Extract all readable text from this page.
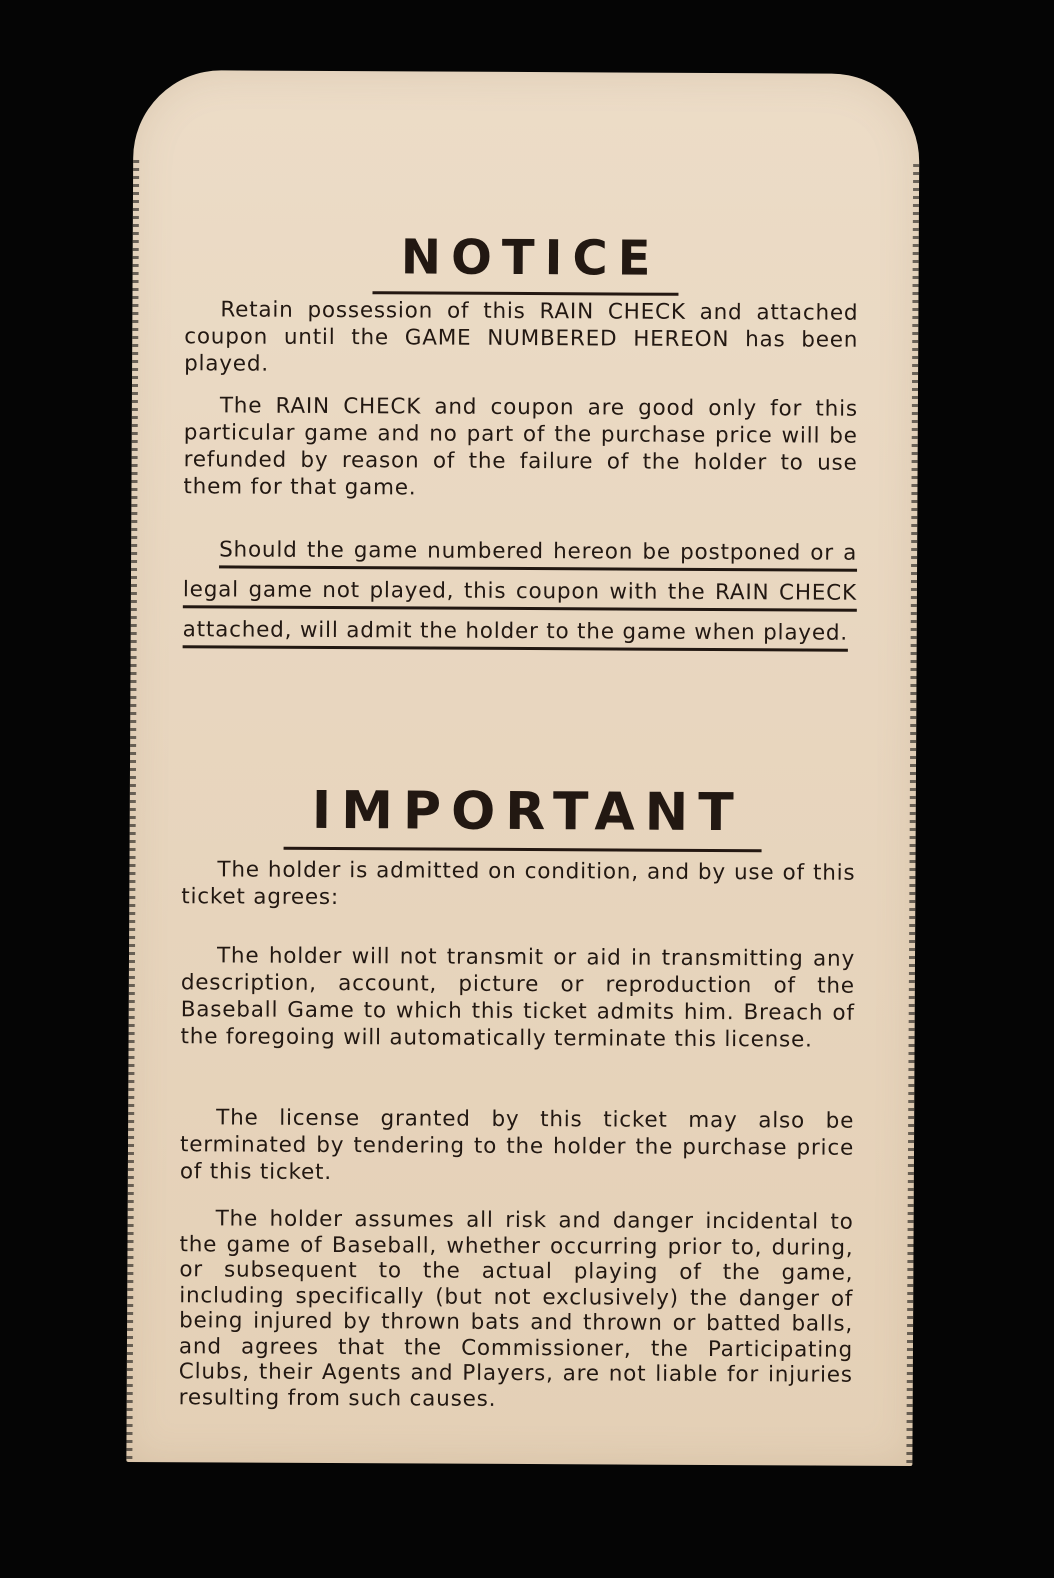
NOTICE

Retain possession of this RAIN CHECK and attached coupon until the GAME NUMBERED HEREON has been played.

The RAIN CHECK and coupon are good only for this particular game and no part of the purchase price will be refunded by reason of the failure of the holder to use them for that game.

Should the game numbered hereon be postponed or a legal game not played, this coupon with the RAIN CHECK attached, will admit the holder to the game when played.

IMPORTANT

The holder is admitted on condition, and by use of this ticket agrees:

The holder will not transmit or aid in transmitting any description, account, picture or reproduction of the Baseball Game to which this ticket admits him. Breach of the foregoing will automatically terminate this license.

The license granted by this ticket may also be terminated by tendering to the holder the purchase price of this ticket.

The holder assumes all risk and danger incidental to the game of Baseball, whether occurring prior to, during, or subsequent to the actual playing of the game, including specifically (but not exclusively) the danger of being injured by thrown bats and thrown or batted balls, and agrees that the Commissioner, the Participating Clubs, their Agents and Players, are not liable for injuries resulting from such causes.
